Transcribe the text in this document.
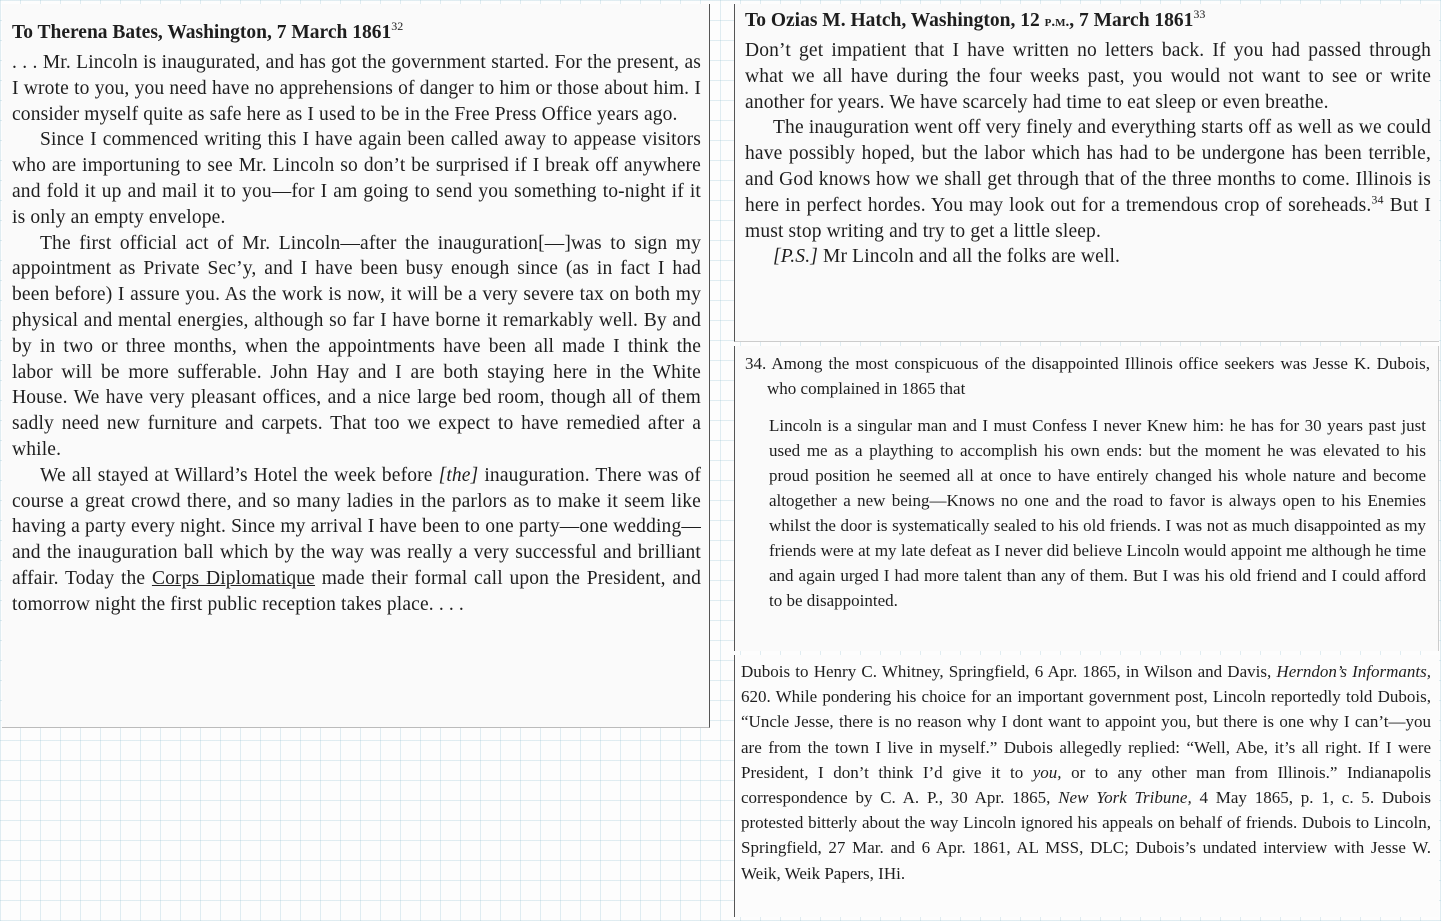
To Therena Bates, Washington, 7 March 1861$^{32}$

. . . Mr. Lincoln is inaugurated, and has got the government started. For the present, as I wrote to you, you need have no apprehensions of danger to him or those about him. I consider myself quite as safe here as I used to be in the Free Press Office years ago.

Since I commenced writing this I have again been called away to appease visitors who are importuning to see Mr. Lincoln so don’t be surprised if I break off anywhere and fold it up and mail it to you—for I am going to send you something to-night if it is only an empty envelope.

The first official act of Mr. Lincoln—after the inauguration[—]was to sign my appointment as Private Sec’y, and I have been busy enough since (as in fact I had been before) I assure you. As the work is now, it will be a very severe tax on both my physical and mental energies, although so far I have borne it remarkably well. By and by in two or three months, when the appointments have been all made I think the labor will be more sufferable. John Hay and I are both staying here in the White House. We have very pleasant offices, and a nice large bed room, though all of them sadly need new furniture and carpets. That too we expect to have remedied after a while.

We all stayed at Willard’s Hotel the week before [the] inauguration. There was of course a great crowd there, and so many ladies in the parlors as to make it seem like having a party every night. Since my arrival I have been to one party—one wedding—and the inauguration ball which by the way was really a very successful and brilliant affair. Today the Corps Diplomatique made their formal call upon the President, and tomorrow night the first public reception takes place. . . .

To Ozias M. Hatch, Washington, 12 p.m., 7 March 1861$^{33}$

Don’t get impatient that I have written no letters back. If you had passed through what we all have during the four weeks past, you would not want to see or write another for years. We have scarcely had time to eat sleep or even breathe.

The inauguration went off very finely and everything starts off as well as we could have possibly hoped, but the labor which has had to be undergone has been terrible, and God knows how we shall get through that of the three months to come. Illinois is here in perfect hordes. You may look out for a tremendous crop of soreheads.$^{34}$ But I must stop writing and try to get a little sleep.

[P.S.] Mr Lincoln and all the folks are well.

34. Among the most conspicuous of the disappointed Illinois office seekers was Jesse K. Dubois, who complained in 1865 that

Lincoln is a singular man and I must Confess I never Knew him: he has for 30 years past just used me as a plaything to accomplish his own ends: but the moment he was elevated to his proud position he seemed all at once to have entirely changed his whole nature and become altogether a new being—Knows no one and the road to favor is always open to his Enemies whilst the door is systematically sealed to his old friends. I was not as much disappointed as my friends were at my late defeat as I never did believe Lincoln would appoint me although he time and again urged I had more talent than any of them. But I was his old friend and I could afford to be disappointed.

Dubois to Henry C. Whitney, Springfield, 6 Apr. 1865, in Wilson and Davis, Herndon’s Informants, 620. While pondering his choice for an important government post, Lincoln reportedly told Dubois, “Uncle Jesse, there is no reason why I dont want to appoint you, but there is one why I can’t—you are from the town I live in myself.” Dubois allegedly replied: “Well, Abe, it’s all right. If I were President, I don’t think I’d give it to you, or to any other man from Illinois.” Indianapolis correspondence by C. A. P., 30 Apr. 1865, New York Tribune, 4 May 1865, p. 1, c. 5. Dubois protested bitterly about the way Lincoln ignored his appeals on behalf of friends. Dubois to Lincoln, Springfield, 27 Mar. and 6 Apr. 1861, AL MSS, DLC; Dubois’s undated interview with Jesse W. Weik, Weik Papers, IHi.
